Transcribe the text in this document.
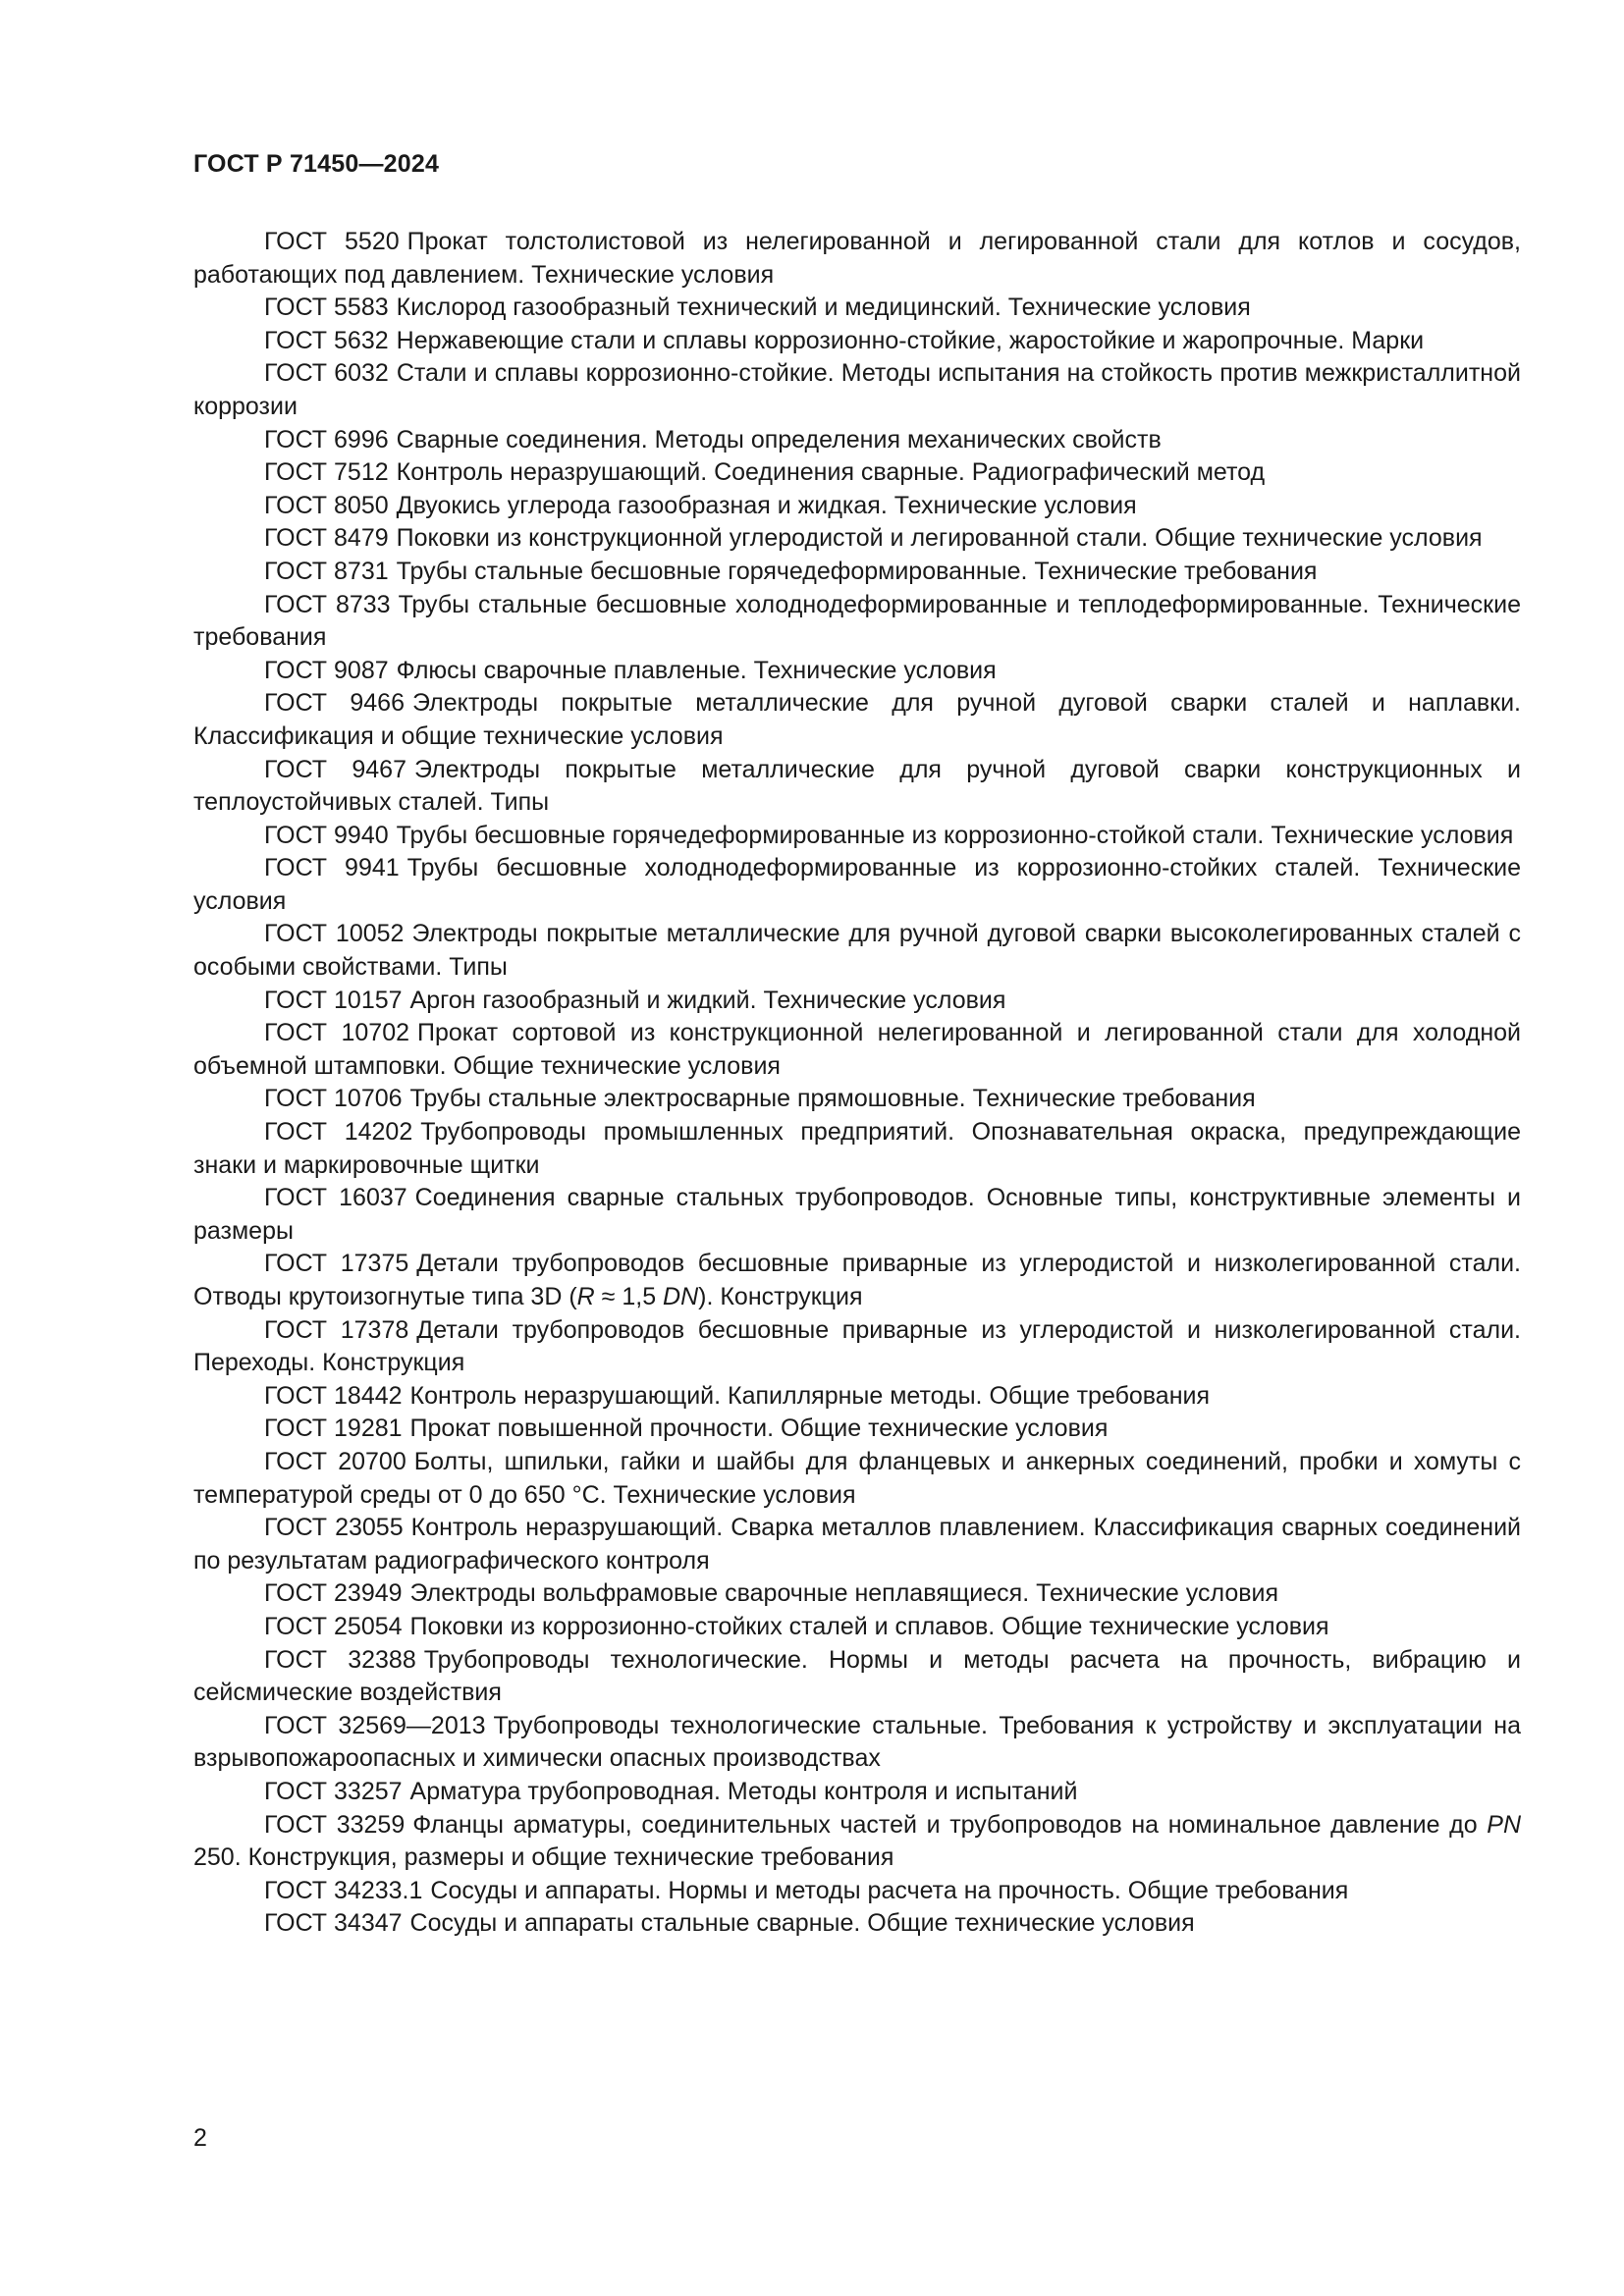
ГОСТ Р 71450—2024

ГОСТ 5520 Прокат толстолистовой из нелегированной и легированной стали для котлов и сосудов, работающих под давлением. Технические условия

ГОСТ 5583 Кислород газообразный технический и медицинский. Технические условия

ГОСТ 5632 Нержавеющие стали и сплавы коррозионно-стойкие, жаростойкие и жаропрочные. Марки

ГОСТ 6032 Стали и сплавы коррозионно-стойкие. Методы испытания на стойкость против межкристаллитной коррозии

ГОСТ 6996 Сварные соединения. Методы определения механических свойств

ГОСТ 7512 Контроль неразрушающий. Соединения сварные. Радиографический метод

ГОСТ 8050 Двуокись углерода газообразная и жидкая. Технические условия

ГОСТ 8479 Поковки из конструкционной углеродистой и легированной стали. Общие технические условия

ГОСТ 8731 Трубы стальные бесшовные горячедеформированные. Технические требования

ГОСТ 8733 Трубы стальные бесшовные холоднодеформированные и теплодеформированные. Технические требования

ГОСТ 9087 Флюсы сварочные плавленые. Технические условия

ГОСТ 9466 Электроды покрытые металлические для ручной дуговой сварки сталей и наплавки. Классификация и общие технические условия

ГОСТ 9467 Электроды покрытые металлические для ручной дуговой сварки конструкционных и теплоустойчивых сталей. Типы

ГОСТ 9940 Трубы бесшовные горячедеформированные из коррозионно-стойкой стали. Технические условия

ГОСТ 9941 Трубы бесшовные холоднодеформированные из коррозионно-стойких сталей. Технические условия

ГОСТ 10052 Электроды покрытые металлические для ручной дуговой сварки высоколегированных сталей с особыми свойствами. Типы

ГОСТ 10157 Аргон газообразный и жидкий. Технические условия

ГОСТ 10702 Прокат сортовой из конструкционной нелегированной и легированной стали для холодной объемной штамповки. Общие технические условия

ГОСТ 10706 Трубы стальные электросварные прямошовные. Технические требования

ГОСТ 14202 Трубопроводы промышленных предприятий. Опознавательная окраска, предупреждающие знаки и маркировочные щитки

ГОСТ 16037 Соединения сварные стальных трубопроводов. Основные типы, конструктивные элементы и размеры

ГОСТ 17375 Детали трубопроводов бесшовные приварные из углеродистой и низколегированной стали. Отводы крутоизогнутые типа 3D (R ≈ 1,5 DN). Конструкция

ГОСТ 17378 Детали трубопроводов бесшовные приварные из углеродистой и низколегированной стали. Переходы. Конструкция

ГОСТ 18442 Контроль неразрушающий. Капиллярные методы. Общие требования

ГОСТ 19281 Прокат повышенной прочности. Общие технические условия

ГОСТ 20700 Болты, шпильки, гайки и шайбы для фланцевых и анкерных соединений, пробки и хомуты с температурой среды от 0 до 650 °С. Технические условия

ГОСТ 23055 Контроль неразрушающий. Сварка металлов плавлением. Классификация сварных соединений по результатам радиографического контроля

ГОСТ 23949 Электроды вольфрамовые сварочные неплавящиеся. Технические условия

ГОСТ 25054 Поковки из коррозионно-стойких сталей и сплавов. Общие технические условия

ГОСТ 32388 Трубопроводы технологические. Нормы и методы расчета на прочность, вибрацию и сейсмические воздействия

ГОСТ 32569—2013 Трубопроводы технологические стальные. Требования к устройству и эксплуатации на взрывопожароопасных и химически опасных производствах

ГОСТ 33257 Арматура трубопроводная. Методы контроля и испытаний

ГОСТ 33259 Фланцы арматуры, соединительных частей и трубопроводов на номинальное давление до PN 250. Конструкция, размеры и общие технические требования

ГОСТ 34233.1 Сосуды и аппараты. Нормы и методы расчета на прочность. Общие требования

ГОСТ 34347 Сосуды и аппараты стальные сварные. Общие технические условия

2
